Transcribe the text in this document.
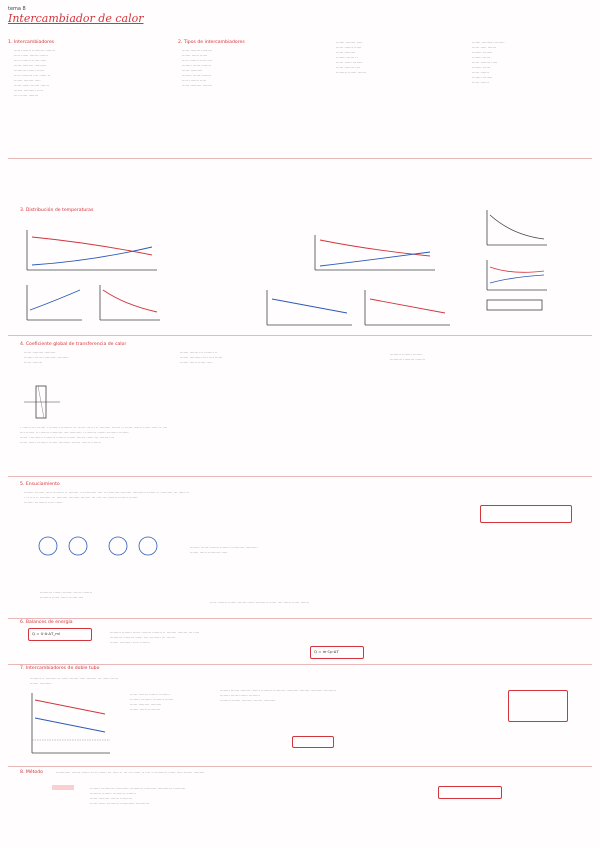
tema 8
Intercambiador de calor
1. Intercambiadores
····· ········ ·········· ········
····· ······ ······· ·······
···· ········· ······ ·····
······ ········· ··········
·········· ······· ······
····· ········· ···· ······ ··
······· ········ ·····
······ ······ ······· ·······
······· ·········· ·····
···· ······ ········
2. Tipos de intercambiadores
······ ········ ·········
······· ······ ······
····· ········ ····· ····
········ ······ ········
······ ··········
········ ······ ········
····· ········ ·····
······ ········· ········
······· ········ ·····
······ ······· ······
······ ·········
········ ······ ··
······ ······ ········
······ ········ ····
········· ······· ·······
······· ·········· ········
······ ····· ·······
········ ········
········ ······
······ ········ ·····
········ ······
······ ·······
········ ········
······ ·······
3. Distribución de temperaturas
4. Coeficiente global de transferencia de calor
······ ········· ·········
········ ······ ··········· ·········
······ ········
······· ······· ··· ········ ··
······· ·········· ···· ···· ······
······· ······ ······ ·····
········· ········ ········
·········· ········· ········
· ······· ··· ······· · ········· ········· ··· ······ ··· ··· ·· ········· ······· ·· ······ ······· ······ ····· ·· ····
···· ······· ·· ········ ·········· ···· ·········· · ········· ······· ········· ········
······ · ·········· ········· ········ ······· ······· ······ ··· ······· ····
······ ······ ········· ······· ·········· ······· ······· ········
5. Ensuciamiento
········ ········ ····· ········· ·· ········ ·· ··········· ···· ·· ·········· ········· ··········· ······· ·· ·········· ··· ······ ··
· ·· ···· ·· ········· ··· ········· ········· ········ ··· ···· ··· ········ ········ ·······
········ ·········· ····· ······
········ ······ ········ ········ ··········· ··········
······· ······ ·········· ·····
·········· ······· ········ ······ ········
········· ······ ······ ······· ····
····· ········ ······· ······· ······ ·········· ······ ···· ······ ······ ·······
6. Balances de energía
Q = U·A·ΔT_ml	········· ········ ······ ········ ········ ·· ········ ········ ··· ·····
·········· ········· ······ ···· ········· ··· ·······
······· ·········· ····· ········
Q = ṁ·Cp·ΔT
7. Intercambiadores de doble tubo
········· ·· ········· ·· ······ ······· ····· ········ ··· ······ ······
······· ··········
······ ········ ······· ·········
········ ········· ········· ·······
······ ········· ·········
······· ······ ··········
········ ······· ········ ······· ········· ·········· ·········· ········ ·········· ··········
········ ······ ······· ·········
········· ······· ········· ······· ··········
8. Método	············ ······· ······· ····· ······· ··· ····· ·· ··· ··· ······ ·· ···· ·· ·········· ······ ····· ······· ·········
········ ··········· ··········· ··········· ·········· ············ ··········
········· ········ ·········· ········
······ ········· ······· ··········
······ ······ ·········· ············ ···········
